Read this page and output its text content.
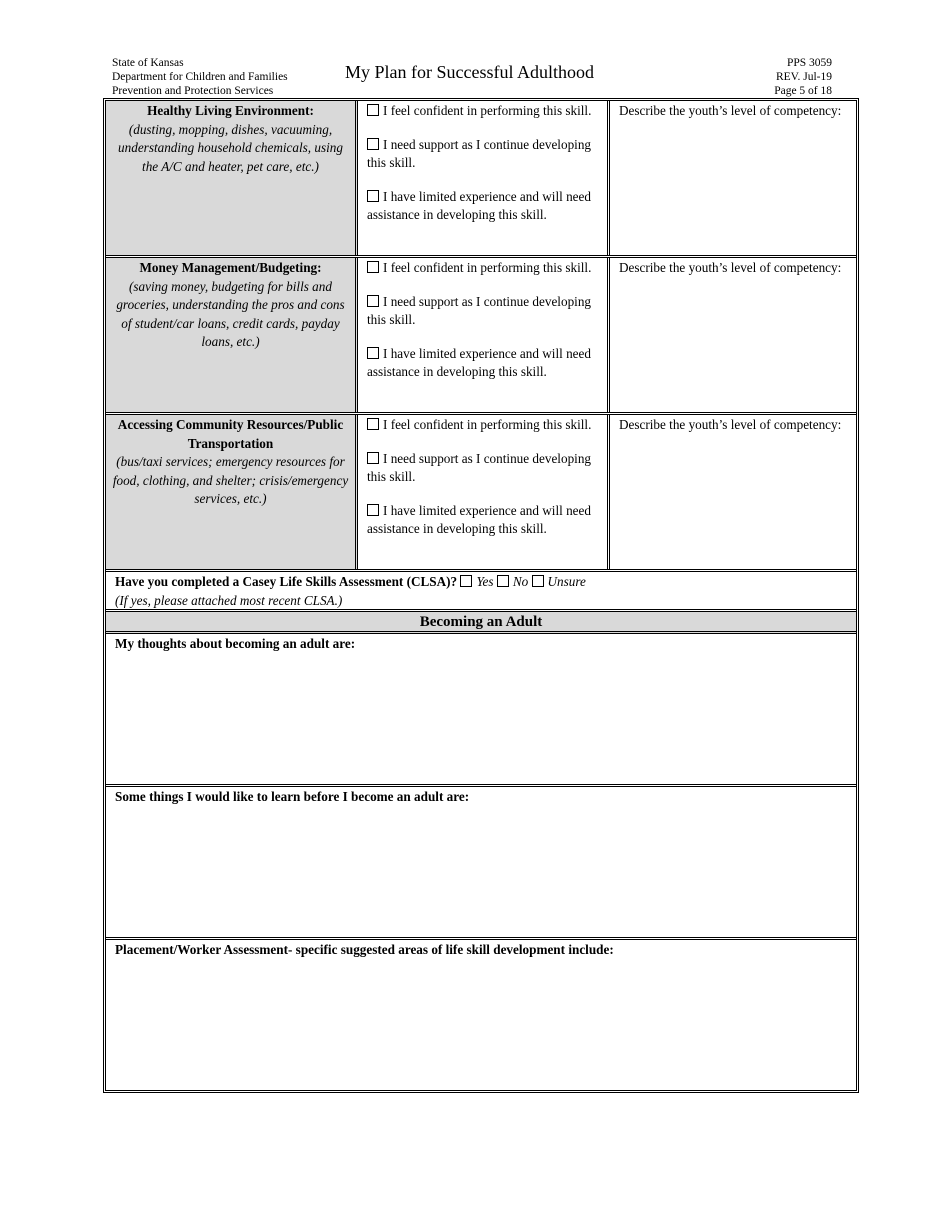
State of Kansas
Department for Children and Families
Prevention and Protection Services
My Plan for Successful Adulthood	PPS 3059
REV. Jul-19
Page 5 of 18
Healthy Living Environment:
(dusting, mopping, dishes, vacuuming, understanding household chemicals, using the A/C and heater, pet care, etc.)
I feel confident in performing this skill.
I need support as I continue developing this skill.
I have limited experience and will need assistance in developing this skill.
Describe the youth’s level of competency:
Money Management/Budgeting:
(saving money, budgeting for bills and groceries, understanding the pros and cons of student/car loans, credit cards, payday loans, etc.)
I feel confident in performing this skill.
I need support as I continue developing this skill.
I have limited experience and will need assistance in developing this skill.
Describe the youth’s level of competency:
Accessing Community Resources/Public Transportation
(bus/taxi services; emergency resources for food, clothing, and shelter; crisis/emergency services, etc.)
I feel confident in performing this skill.
I need support as I continue developing this skill.
I have limited experience and will need assistance in developing this skill.
Describe the youth’s level of competency:
Have you completed a Casey Life Skills Assessment (CLSA)? Yes No Unsure
(If yes, please attached most recent CLSA.)
Becoming an Adult
My thoughts about becoming an adult are:
Some things I would like to learn before I become an adult are:
Placement/Worker Assessment- specific suggested areas of life skill development include:
